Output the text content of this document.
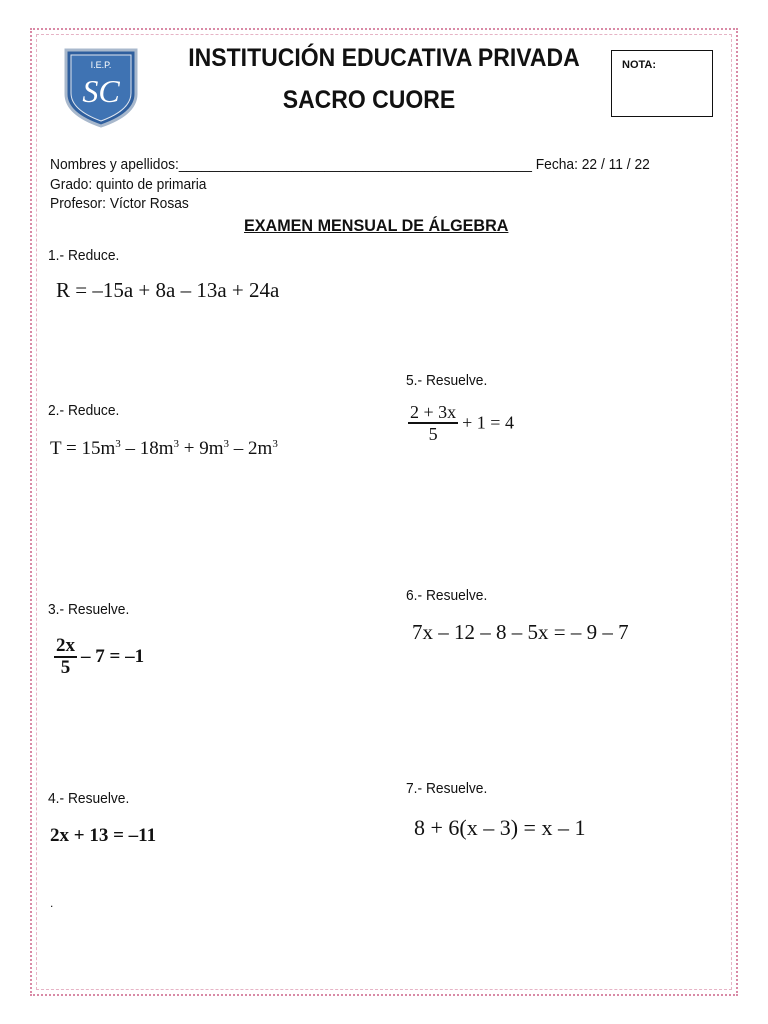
I.E.P.
SC
INSTITUCIÓN EDUCATIVA PRIVADA
SACRO CUORE
NOTA:
Nombres y apellidos:______________________________________________ Fecha: 22 / 11 / 22
Grado: quinto de primaria
Profesor: Víctor Rosas
EXAMEN MENSUAL DE ÁLGEBRA
1.- Reduce.
R = –15a + 8a – 13a + 24a
2.- Reduce.
$T = 15m^3 - 18m^3 + 9m^3 - 2m^3$
3.- Resuelve.
$\frac{2x}{5} - 7 = -1$
4.- Resuelve.
2x + 13 = –11
5.- Resuelve.
$\frac{2 + 3x}{5} + 1 = 4$
6.- Resuelve.
7x – 12 – 8 – 5x = – 9 – 7
7.- Resuelve.
8 + 6(x – 3) = x – 1
.
